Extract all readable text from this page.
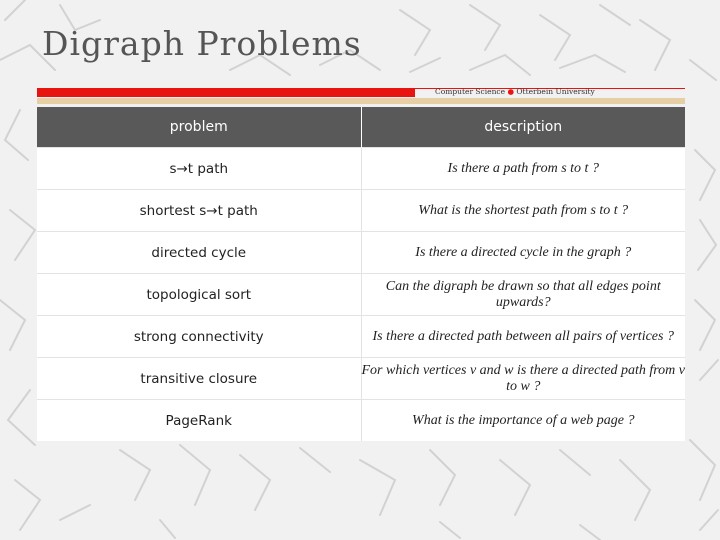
Digraph Problems
Computer Science ● Otterbein University
problem	description
s→t path	Is there a path from s to t ?
shortest s→t path	What is the shortest path from s to t ?
directed cycle	Is there a directed cycle in the graph ?
topological sort	Can the digraph be drawn so that all edges point upwards?
strong connectivity	Is there a directed path between all pairs of vertices ?
transitive closure	For which vertices v and w is there a directed path from v to w ?
PageRank	What is the importance of a web page ?
